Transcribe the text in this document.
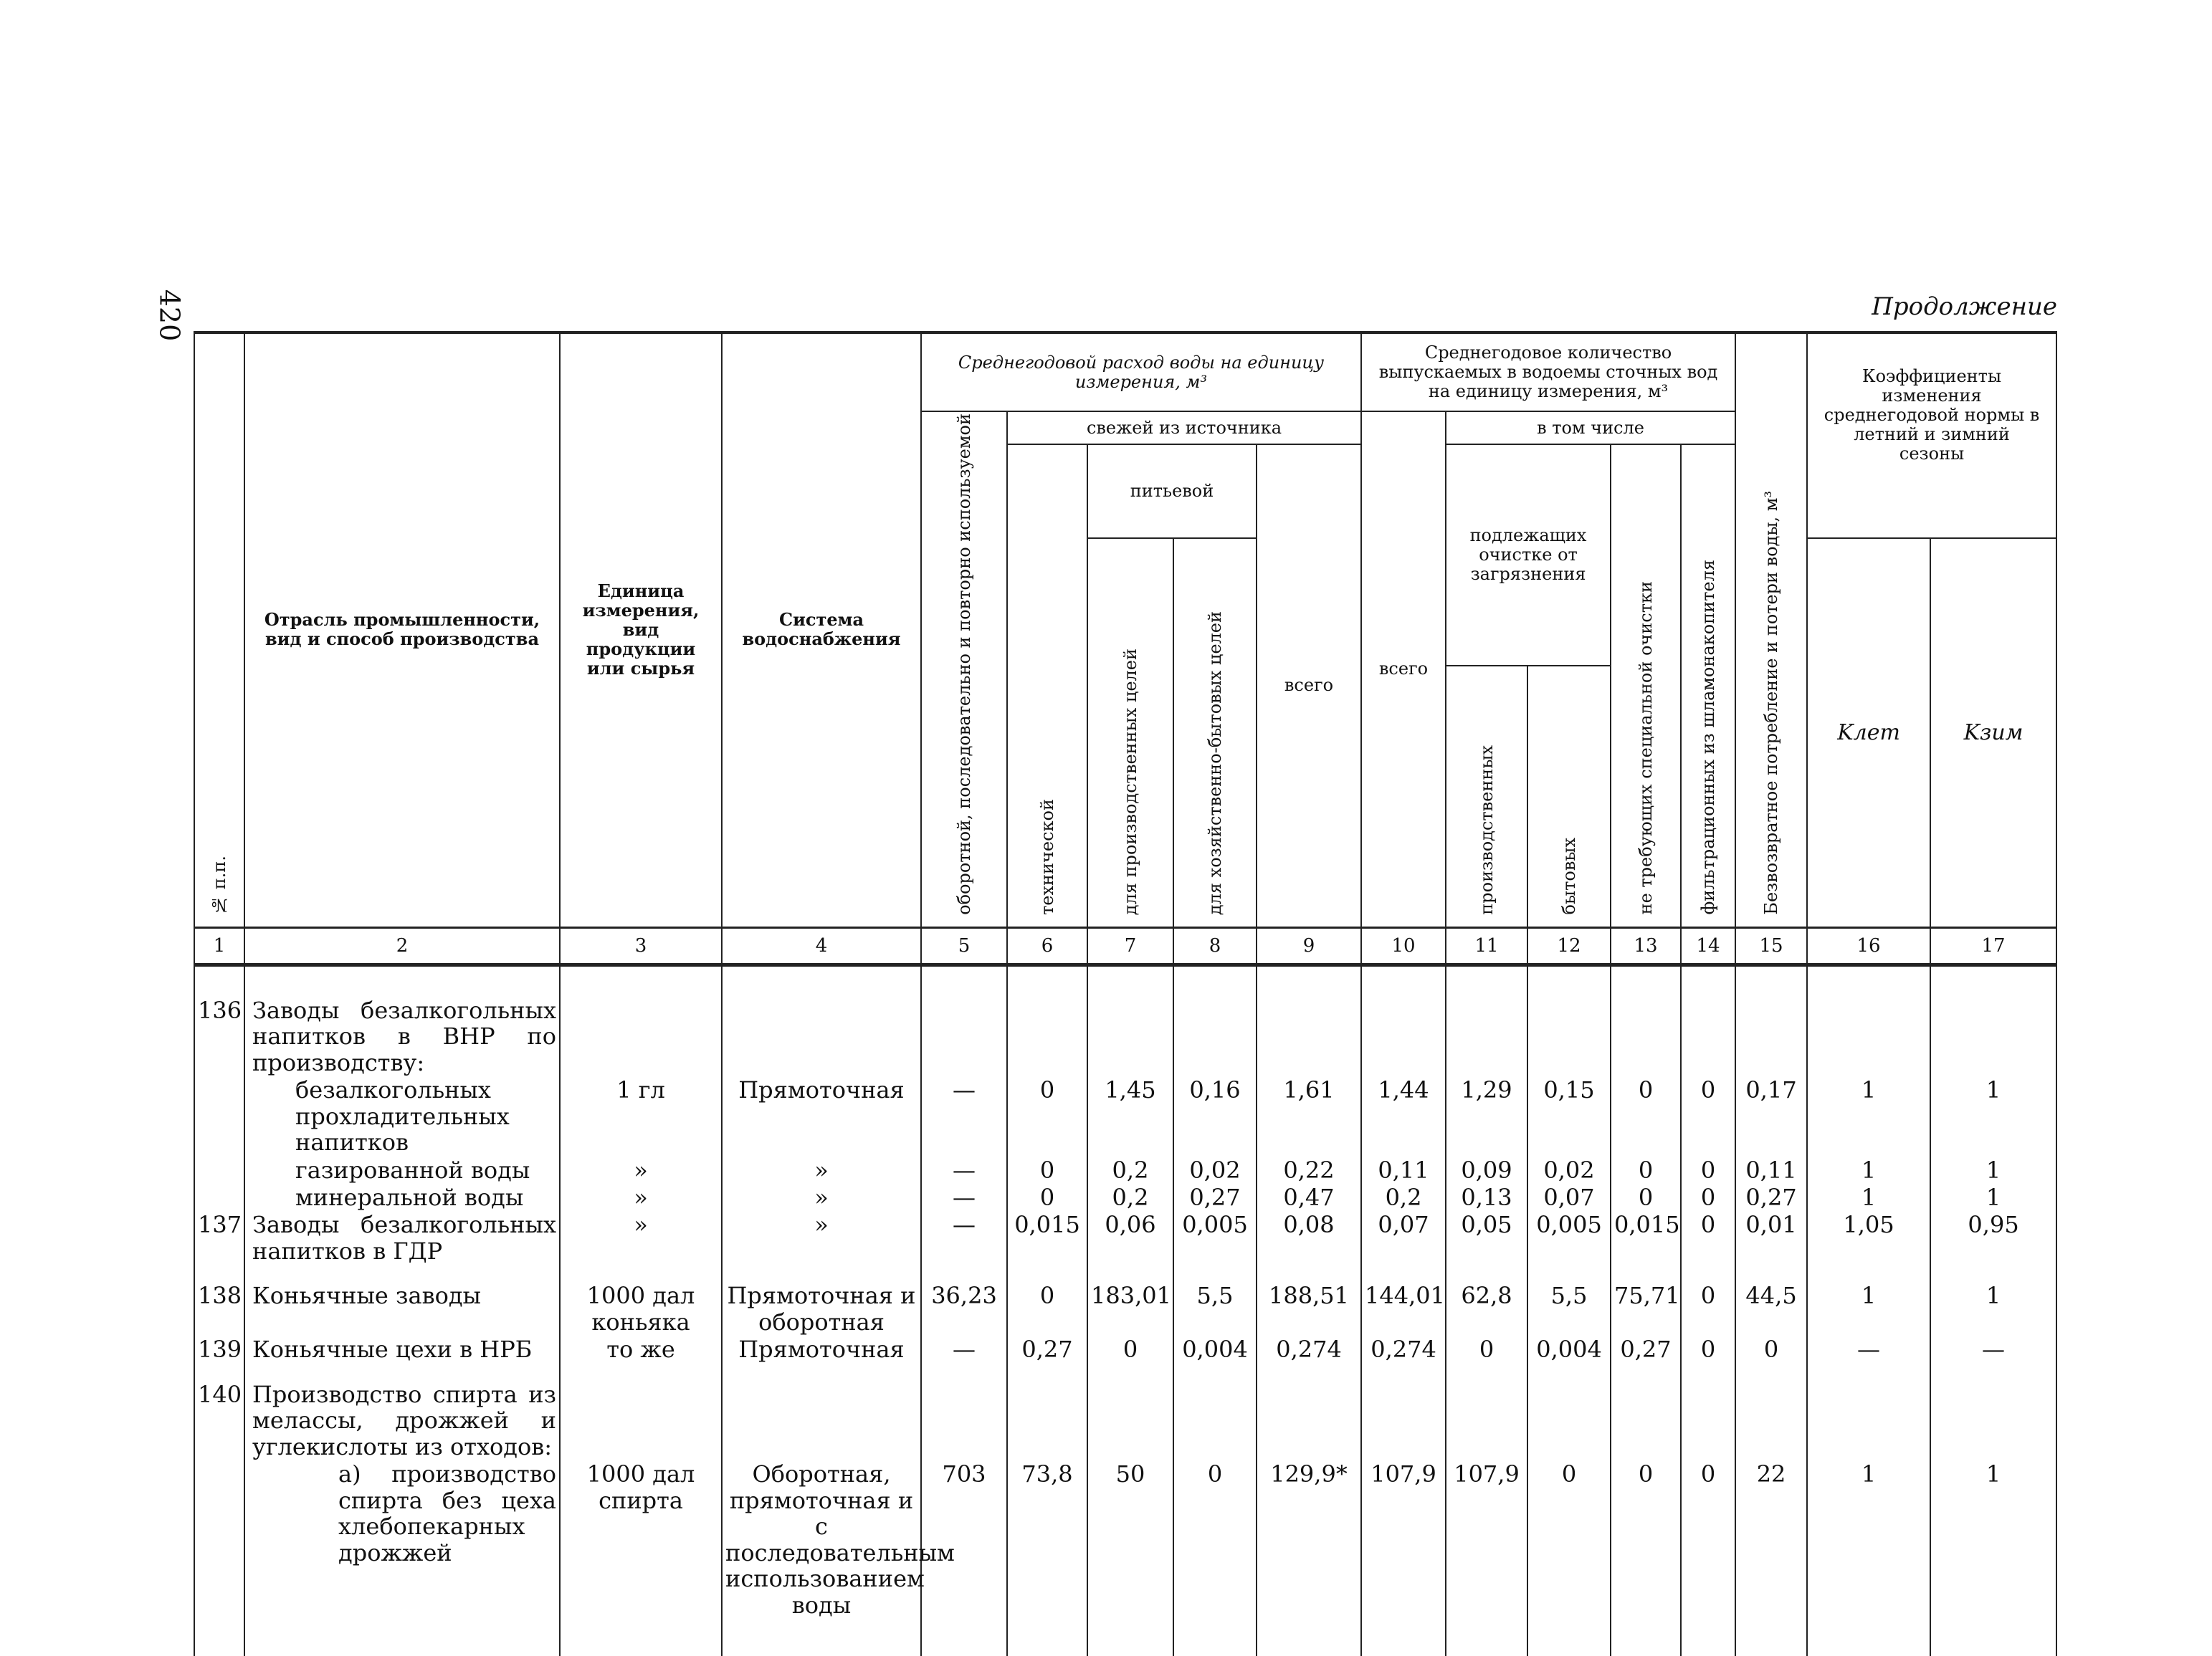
420	Продолжение
№ п.п.	Отрасль промышленности, вид и способ производства	Единица измерения, вид продукции или сырья	Система водоснабжения	Среднегодовой расход воды на единицу измерения, м³					Среднегодовое количество выпускаемых в водоемы сточных вод на единицу измерения, м³					Безвозвратное потребление и потери воды, м³	Коэффициенты изменения среднегодовой нормы в летний и зимний сезоны	
				оборотной, последовательно и повторно используемой	свежей из источника				всего	в том числе						
					технической	питьевой		всего		подлежащих очистке от загрязнения		не требующих специальной очистки	фильтрационных из шламонакопителя			
						для производственных целей	для хозяйственно-бытовых целей								Kлет	Kзим
										производственных	бытовых					
1	2	3	4	5	6	7	8	9	10	11	12	13	14	15	16	17

136	Заводы безалкогольных напитков в ВНР по производству:															
	безалкогольных прохладительных напитков	1 гл	Прямоточная	—	0	1,45	0,16	1,61	1,44	1,29	0,15	0	0	0,17	1	1
	газированной воды	»	»	—	0	0,2	0,02	0,22	0,11	0,09	0,02	0	0	0,11	1	1
	минеральной воды	»	»	—	0	0,2	0,27	0,47	0,2	0,13	0,07	0	0	0,27	1	1
137	Заводы безалкогольных напитков в ГДР	»	»	—	0,015	0,06	0,005	0,08	0,07	0,05	0,005	0,015	0	0,01	1,05	0,95

138	Коньячные заводы	1000 дал коньяка	Прямоточная и оборотная	36,23	0	183,01	5,5	188,51	144,01	62,8	5,5	75,71	0	44,5	1	1
139	Коньячные цехи в НРБ	то же	Прямоточная	—	0,27	0	0,004	0,274	0,274	0	0,004	0,27	0	0	—	—

140	Производство спирта из мелассы, дрожжей и углекислоты из отходов:															
	а) производство спирта без цеха хлебопекарных дрожжей	1000 дал спирта	Оборотная, прямоточная и с последовательным использованием воды	703	73,8	50	0	129,9*	107,9	107,9	0	0	0	22	1	1
